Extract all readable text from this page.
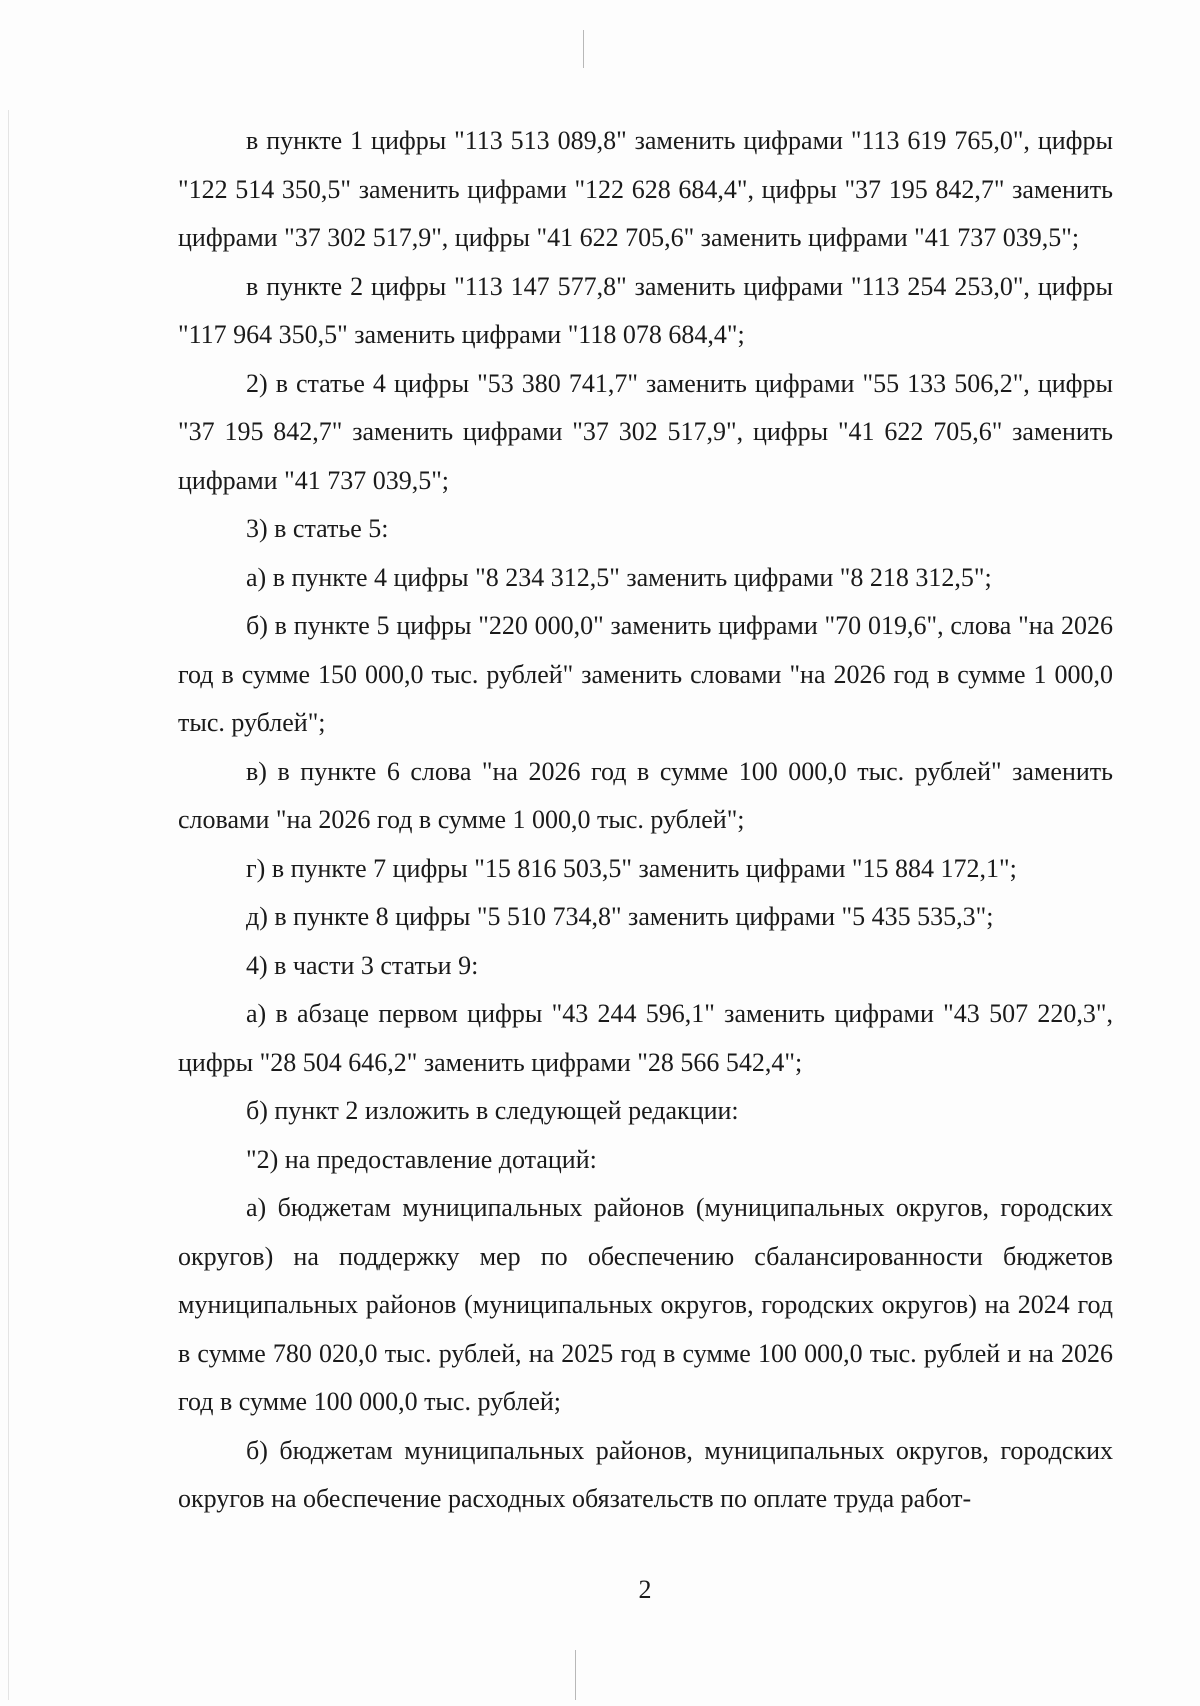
в пункте 1 цифры "113 513 089,8" заменить цифрами "113 619 765,0", цифры "122 514 350,5" заменить цифрами "122 628 684,4", цифры "37 195 842,7" заменить цифрами "37 302 517,9", цифры "41 622 705,6" заменить цифрами "41 737 039,5";

в пункте 2 цифры "113 147 577,8" заменить цифрами "113 254 253,0", цифры "117 964 350,5" заменить цифрами "118 078 684,4";

2) в статье 4 цифры "53 380 741,7" заменить цифрами "55 133 506,2", цифры "37 195 842,7" заменить цифрами "37 302 517,9", цифры "41 622 705,6" заменить цифрами "41 737 039,5";

3) в статье 5:

а) в пункте 4 цифры "8 234 312,5" заменить цифрами "8 218 312,5";

б) в пункте 5 цифры "220 000,0" заменить цифрами "70 019,6", слова "на 2026 год в сумме 150 000,0 тыс. рублей" заменить словами "на 2026 год в сумме 1 000,0 тыс. рублей";

в) в пункте 6 слова "на 2026 год в сумме 100 000,0 тыс. рублей" заменить словами "на 2026 год в сумме 1 000,0 тыс. рублей";

г) в пункте 7 цифры "15 816 503,5" заменить цифрами "15 884 172,1";

д) в пункте 8 цифры "5 510 734,8" заменить цифрами "5 435 535,3";

4) в части 3 статьи 9:

а) в абзаце первом цифры "43 244 596,1" заменить цифрами "43 507 220,3", цифры "28 504 646,2" заменить цифрами "28 566 542,4";

б) пункт 2 изложить в следующей редакции:

"2) на предоставление дотаций:

а) бюджетам муниципальных районов (муниципальных округов, городских округов) на поддержку мер по обеспечению сбалансированности бюджетов муниципальных районов (муниципальных округов, городских округов) на 2024 год в сумме 780 020,0 тыс. рублей, на 2025 год в сумме 100 000,0 тыс. рублей и на 2026 год в сумме 100 000,0 тыс. рублей;

б) бюджетам муниципальных районов, муниципальных округов, городских округов на обеспечение расходных обязательств по оплате труда работ-

2
